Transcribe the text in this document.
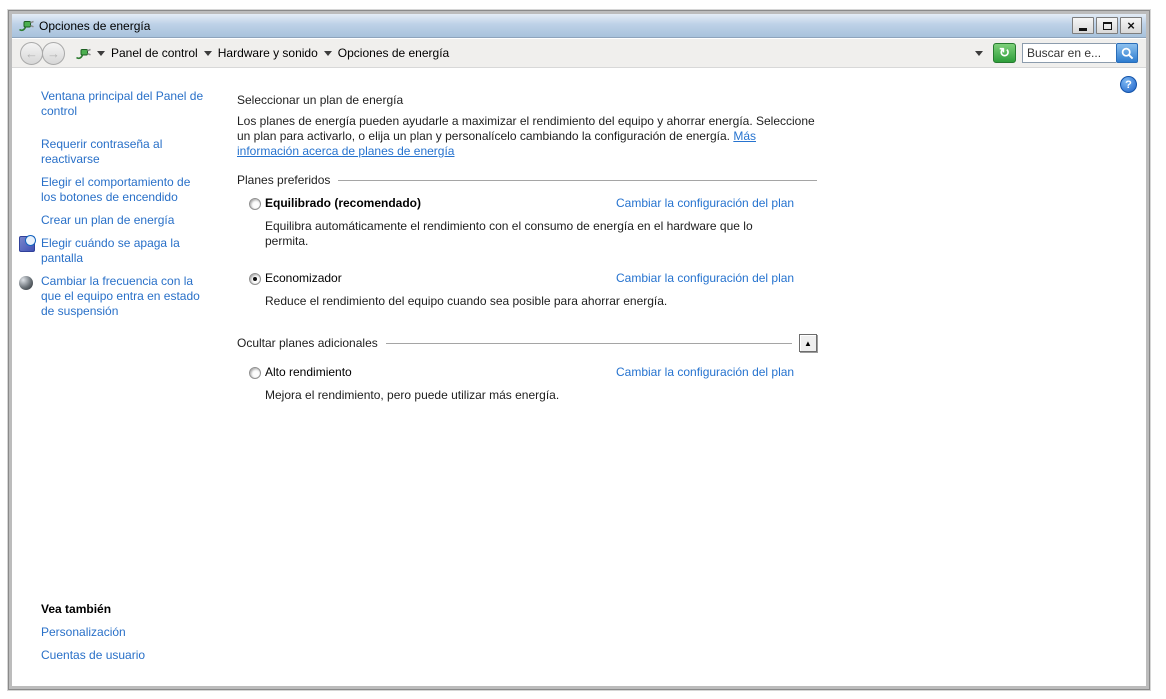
Opciones de energía	×
← →	Panel de control Hardware y sonido Opciones de energía	↻
Buscar en e...
?
Ventana principal del Panel de control
Requerir contraseña al reactivarse
Elegir el comportamiento de los botones de encendido
Crear un plan de energía
Elegir cuándo se apaga la pantalla
Cambiar la frecuencia con la que el equipo entra en estado de suspensión
Vea también
Personalización
Cuentas de usuario
Seleccionar un plan de energía
Los planes de energía pueden ayudarle a maximizar el rendimiento del equipo y ahorrar energía. Seleccione un plan para activarlo, o elija un plan y personalícelo cambiando la configuración de energía. Más información acerca de planes de energía
Planes preferidos
Equilibrado (recomendado)	Cambiar la configuración del plan
Equilibra automáticamente el rendimiento con el consumo de energía en el hardware que lo permita.
Economizador	Cambiar la configuración del plan
Reduce el rendimiento del equipo cuando sea posible para ahorrar energía.
Ocultar planes adicionales	▲
Alto rendimiento	Cambiar la configuración del plan
Mejora el rendimiento, pero puede utilizar más energía.
